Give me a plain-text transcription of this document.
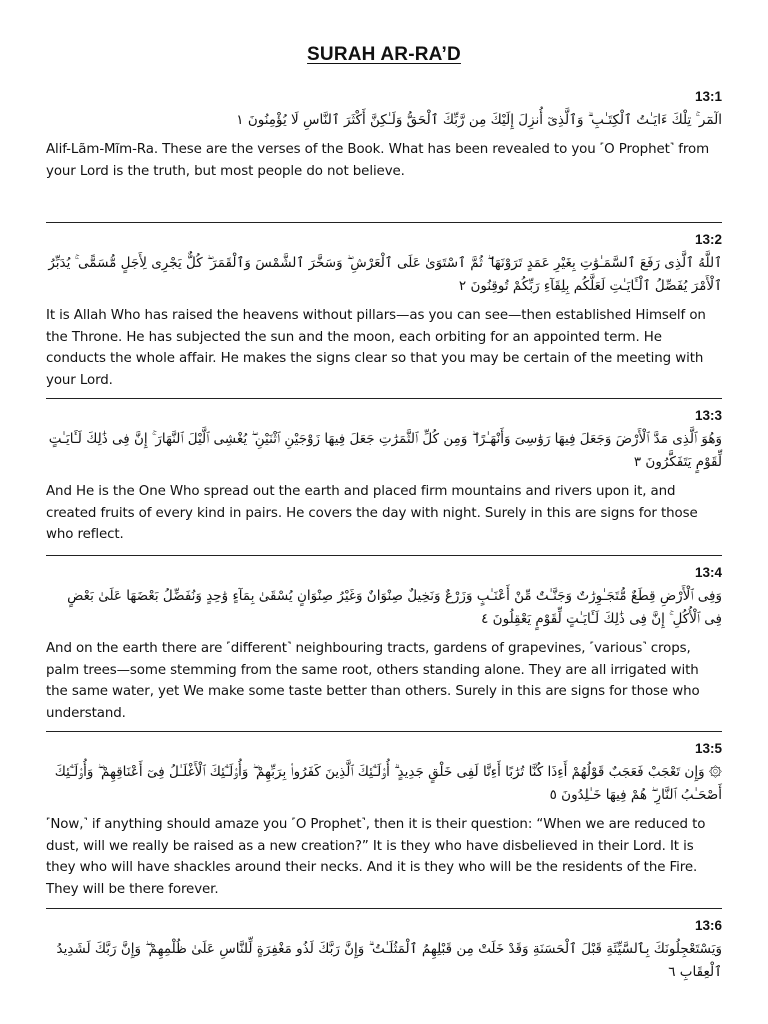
SURAH AR-RA’D
13:1
الٓمٓر ۚ تِلْكَ ءَايَـٰتُ ٱلْكِتَـٰبِ ۗ وَٱلَّذِىٓ أُنزِلَ إِلَيْكَ مِن رَّبِّكَ ٱلْحَقُّ وَلَـٰكِنَّ أَكْثَرَ ٱلنَّاسِ لَا يُؤْمِنُونَ ١
Alif-Lãm-Mĩm-Ra. These are the verses of the Book. What has been revealed to you ˹O Prophet˺ from your Lord is the truth, but most people do not believe.
13:2
ٱللَّهُ ٱلَّذِى رَفَعَ ٱلسَّمَـٰوَٰتِ بِغَيْرِ عَمَدٍ تَرَوْنَهَا ۖ ثُمَّ ٱسْتَوَىٰ عَلَى ٱلْعَرْشِ ۖ وَسَخَّرَ ٱلشَّمْسَ وَٱلْقَمَرَ ۖ كُلٌّ يَجْرِى لِأَجَلٍ مُّسَمًّى ۚ يُدَبِّرُ ٱلْأَمْرَ يُفَصِّلُ ٱلْـَٔايَـٰتِ لَعَلَّكُم بِلِقَآءِ رَبِّكُمْ تُوقِنُونَ ٢
It is Allah Who has raised the heavens without pillars—as you can see—then established Himself on the Throne. He has subjected the sun and the moon, each orbiting for an appointed term. He conducts the whole affair. He makes the signs clear so that you may be certain of the meeting with your Lord.
13:3
وَهُوَ ٱلَّذِى مَدَّ ٱلْأَرْضَ وَجَعَلَ فِيهَا رَوَٰسِىَ وَأَنْهَـٰرًا ۖ وَمِن كُلِّ ٱلثَّمَرَٰتِ جَعَلَ فِيهَا زَوْجَيْنِ ٱثْنَيْنِ ۖ يُغْشِى ٱلَّيْلَ ٱلنَّهَارَ ۚ إِنَّ فِى ذَٰلِكَ لَـَٔايَـٰتٍ لِّقَوْمٍ يَتَفَكَّرُونَ ٣
And He is the One Who spread out the earth and placed firm mountains and rivers upon it, and created fruits of every kind in pairs. He covers the day with night. Surely in this are signs for those who reflect.
13:4
وَفِى ٱلْأَرْضِ قِطَعٌ مُّتَجَـٰوِرَٰتٌ وَجَنَّـٰتٌ مِّنْ أَعْنَـٰبٍ وَزَرْعٌ وَنَخِيلٌ صِنْوَانٌ وَغَيْرُ صِنْوَانٍ يُسْقَىٰ بِمَآءٍ وَٰحِدٍ وَنُفَضِّلُ بَعْضَهَا عَلَىٰ بَعْضٍ فِى ٱلْأُكُلِ ۚ إِنَّ فِى ذَٰلِكَ لَـَٔايَـٰتٍ لِّقَوْمٍ يَعْقِلُونَ ٤
And on the earth there are ˹different˺ neighbouring tracts, gardens of grapevines, ˹various˺ crops, palm trees—some stemming from the same root, others standing alone. They are all irrigated with the same water, yet We make some taste better than others. Surely in this are signs for those who understand.
13:5
۞ وَإِن تَعْجَبْ فَعَجَبٌ قَوْلُهُمْ أَءِذَا كُنَّا تُرَٰبًا أَءِنَّا لَفِى خَلْقٍ جَدِيدٍ ۗ أُو۟لَـٰٓئِكَ ٱلَّذِينَ كَفَرُوا۟ بِرَبِّهِمْ ۖ وَأُو۟لَـٰٓئِكَ ٱلْأَغْلَـٰلُ فِىٓ أَعْنَاقِهِمْ ۖ وَأُو۟لَـٰٓئِكَ أَصْحَـٰبُ ٱلنَّارِ ۖ هُمْ فِيهَا خَـٰلِدُونَ ٥
˹Now,˺ if anything should amaze you ˹O Prophet˺, then it is their question: “When we are reduced to dust, will we really be raised as a new creation?” It is they who have disbelieved in their Lord. It is they who will have shackles around their necks. And it is they who will be the residents of the Fire. They will be there forever.
13:6
وَيَسْتَعْجِلُونَكَ بِٱلسَّيِّئَةِ قَبْلَ ٱلْحَسَنَةِ وَقَدْ خَلَتْ مِن قَبْلِهِمُ ٱلْمَثُلَـٰتُ ۗ وَإِنَّ رَبَّكَ لَذُو مَغْفِرَةٍ لِّلنَّاسِ عَلَىٰ ظُلْمِهِمْ ۖ وَإِنَّ رَبَّكَ لَشَدِيدُ ٱلْعِقَابِ ٦
